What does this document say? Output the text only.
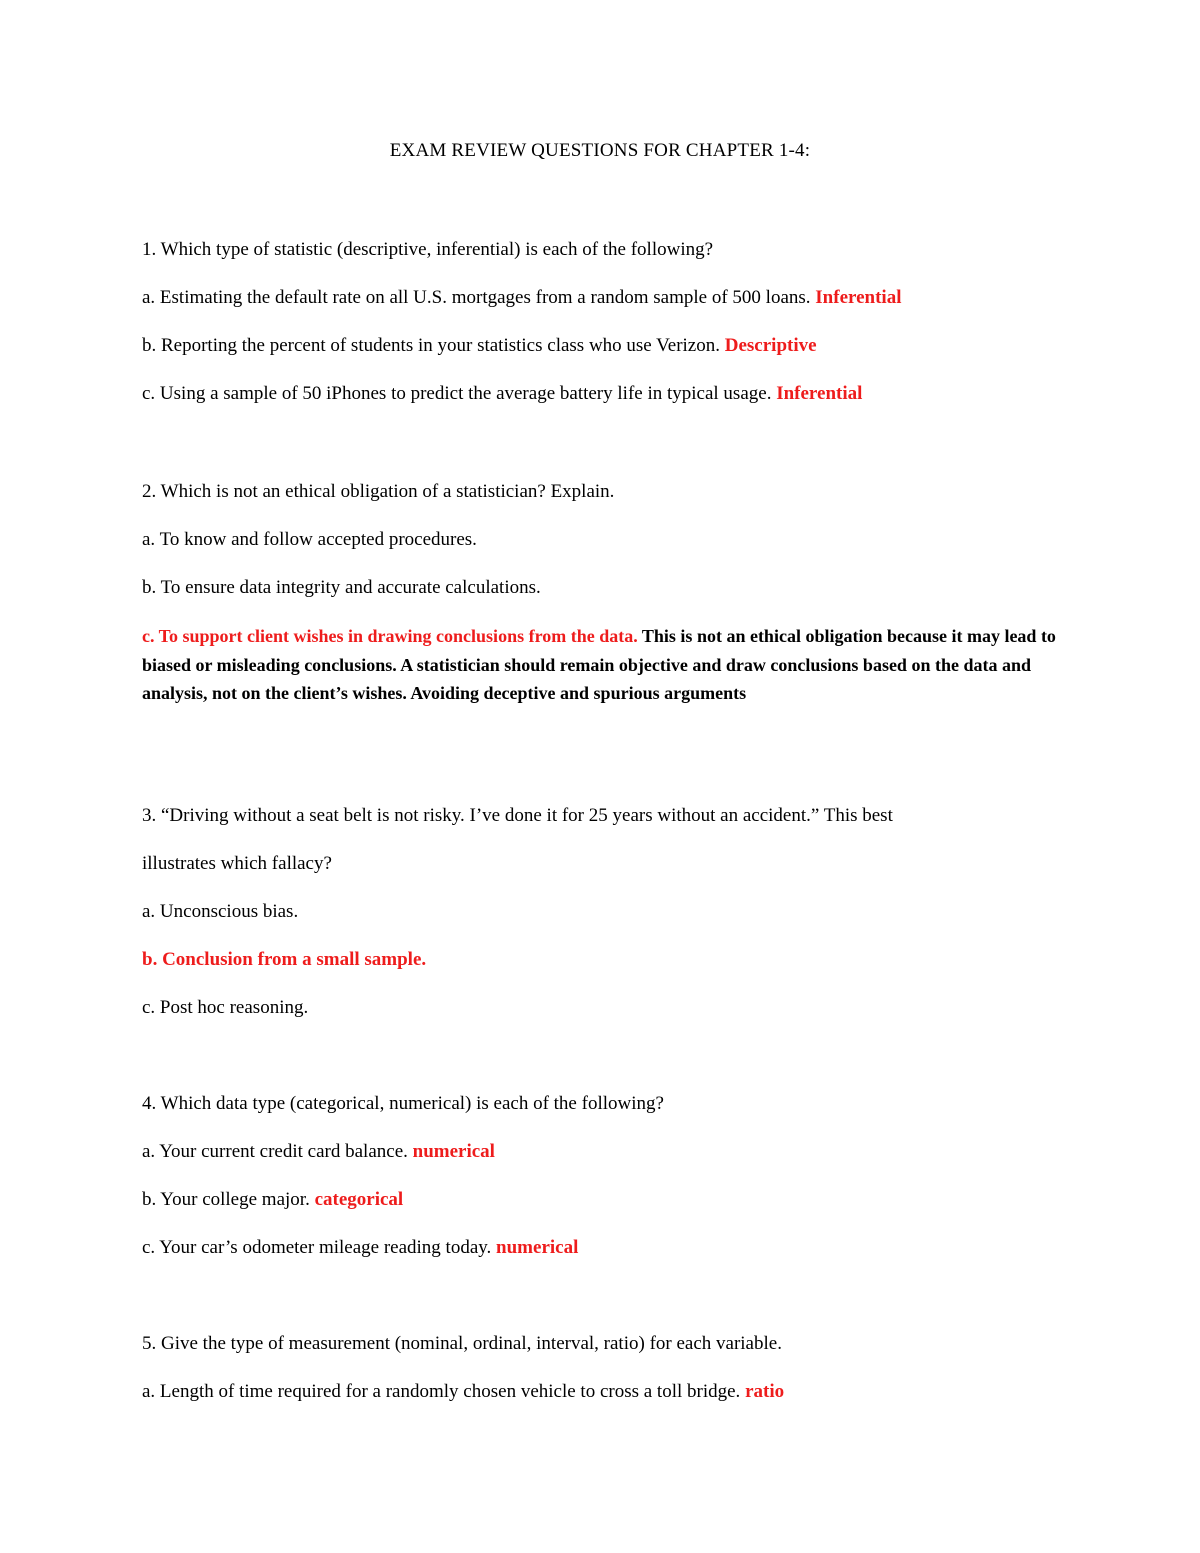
EXAM REVIEW QUESTIONS FOR CHAPTER 1-4:
1. Which type of statistic (descriptive, inferential) is each of the following?
a. Estimating the default rate on all U.S. mortgages from a random sample of 500 loans. Inferential
b. Reporting the percent of students in your statistics class who use Verizon. Descriptive
c. Using a sample of 50 iPhones to predict the average battery life in typical usage. Inferential
2. Which is not an ethical obligation of a statistician? Explain.
a. To know and follow accepted procedures.
b. To ensure data integrity and accurate calculations.
c. To support client wishes in drawing conclusions from the data. This is not an ethical obligation because it may lead to biased or misleading conclusions. A statistician should remain objective and draw conclusions based on the data and analysis, not on the client’s wishes. Avoiding deceptive and spurious arguments
3. “Driving without a seat belt is not risky. I’ve done it for 25 years without an accident.” This best
illustrates which fallacy?
a. Unconscious bias.
b. Conclusion from a small sample.
c. Post hoc reasoning.
4. Which data type (categorical, numerical) is each of the following?
a. Your current credit card balance. numerical
b. Your college major. categorical
c. Your car’s odometer mileage reading today. numerical
5. Give the type of measurement (nominal, ordinal, interval, ratio) for each variable.
a. Length of time required for a randomly chosen vehicle to cross a toll bridge. ratio
